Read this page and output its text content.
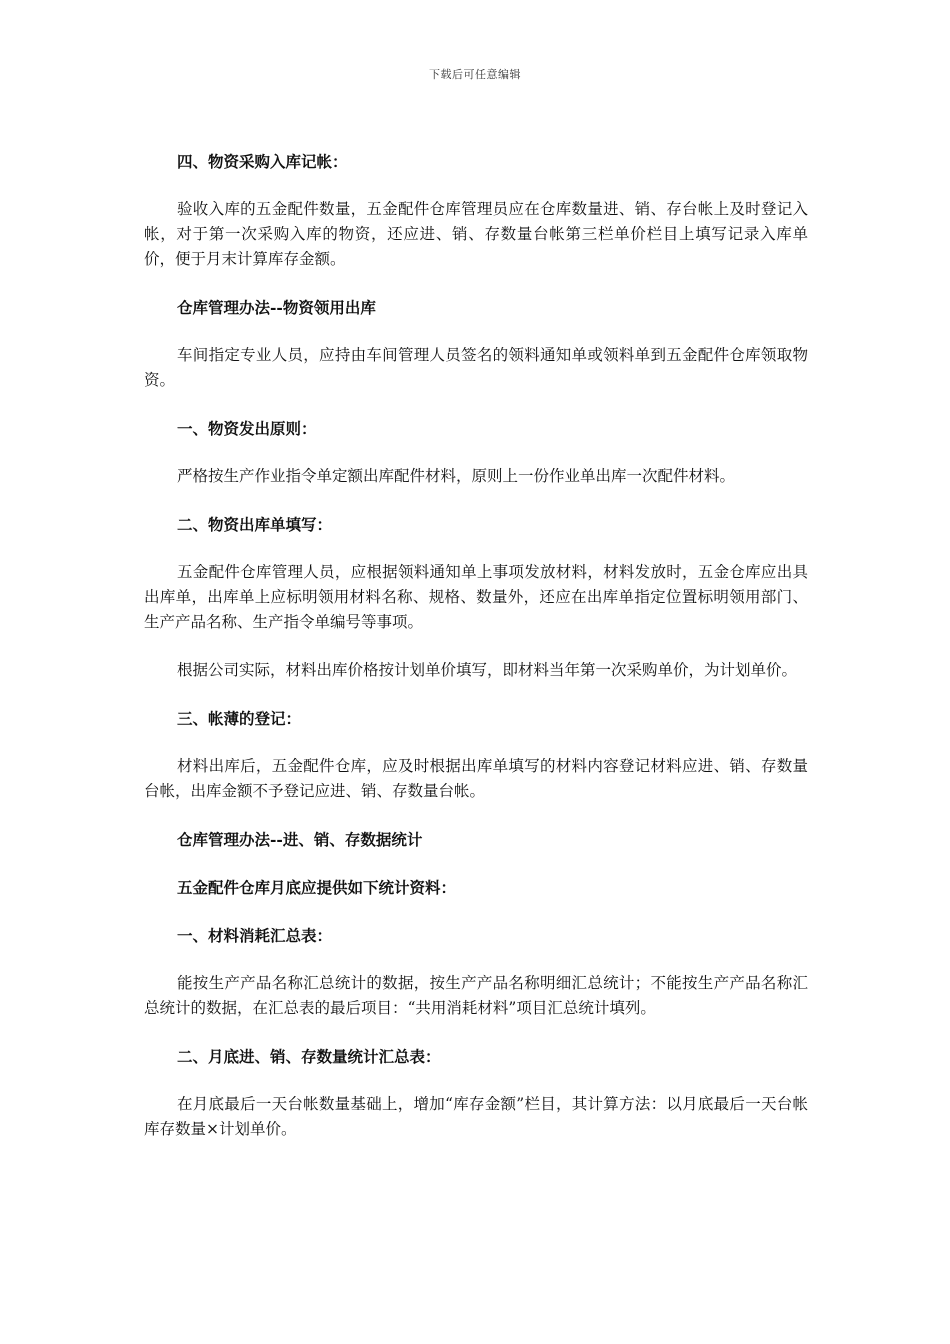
下载后可任意编辑

四、物资采购入库记帐：

验收入库的五金配件数量，五金配件仓库管理员应在仓库数量进、销、存台帐上及时登记入帐，对于第一次采购入库的物资，还应进、销、存数量台帐第三栏单价栏目上填写记录入库单价，便于月末计算库存金额。

仓库管理办法--物资领用出库

车间指定专业人员，应持由车间管理人员签名的领料通知单或领料单到五金配件仓库领取物资。

一、物资发出原则：

严格按生产作业指令单定额出库配件材料，原则上一份作业单出库一次配件材料。

二、物资出库单填写：

五金配件仓库管理人员，应根据领料通知单上事项发放材料，材料发放时，五金仓库应出具出库单，出库单上应标明领用材料名称、规格、数量外，还应在出库单指定位置标明领用部门、生产产品名称、生产指令单编号等事项。

根据公司实际，材料出库价格按计划单价填写，即材料当年第一次采购单价，为计划单价。

三、帐薄的登记：

材料出库后，五金配件仓库，应及时根据出库单填写的材料内容登记材料应进、销、存数量台帐，出库金额不予登记应进、销、存数量台帐。

仓库管理办法--进、销、存数据统计

五金配件仓库月底应提供如下统计资料：

一、材料消耗汇总表：

能按生产产品名称汇总统计的数据，按生产产品名称明细汇总统计；不能按生产产品名称汇总统计的数据，在汇总表的最后项目：“共用消耗材料”项目汇总统计填列。

二、月底进、销、存数量统计汇总表：

在月底最后一天台帐数量基础上，增加“库存金额”栏目，其计算方法：以月底最后一天台帐库存数量×计划单价。
